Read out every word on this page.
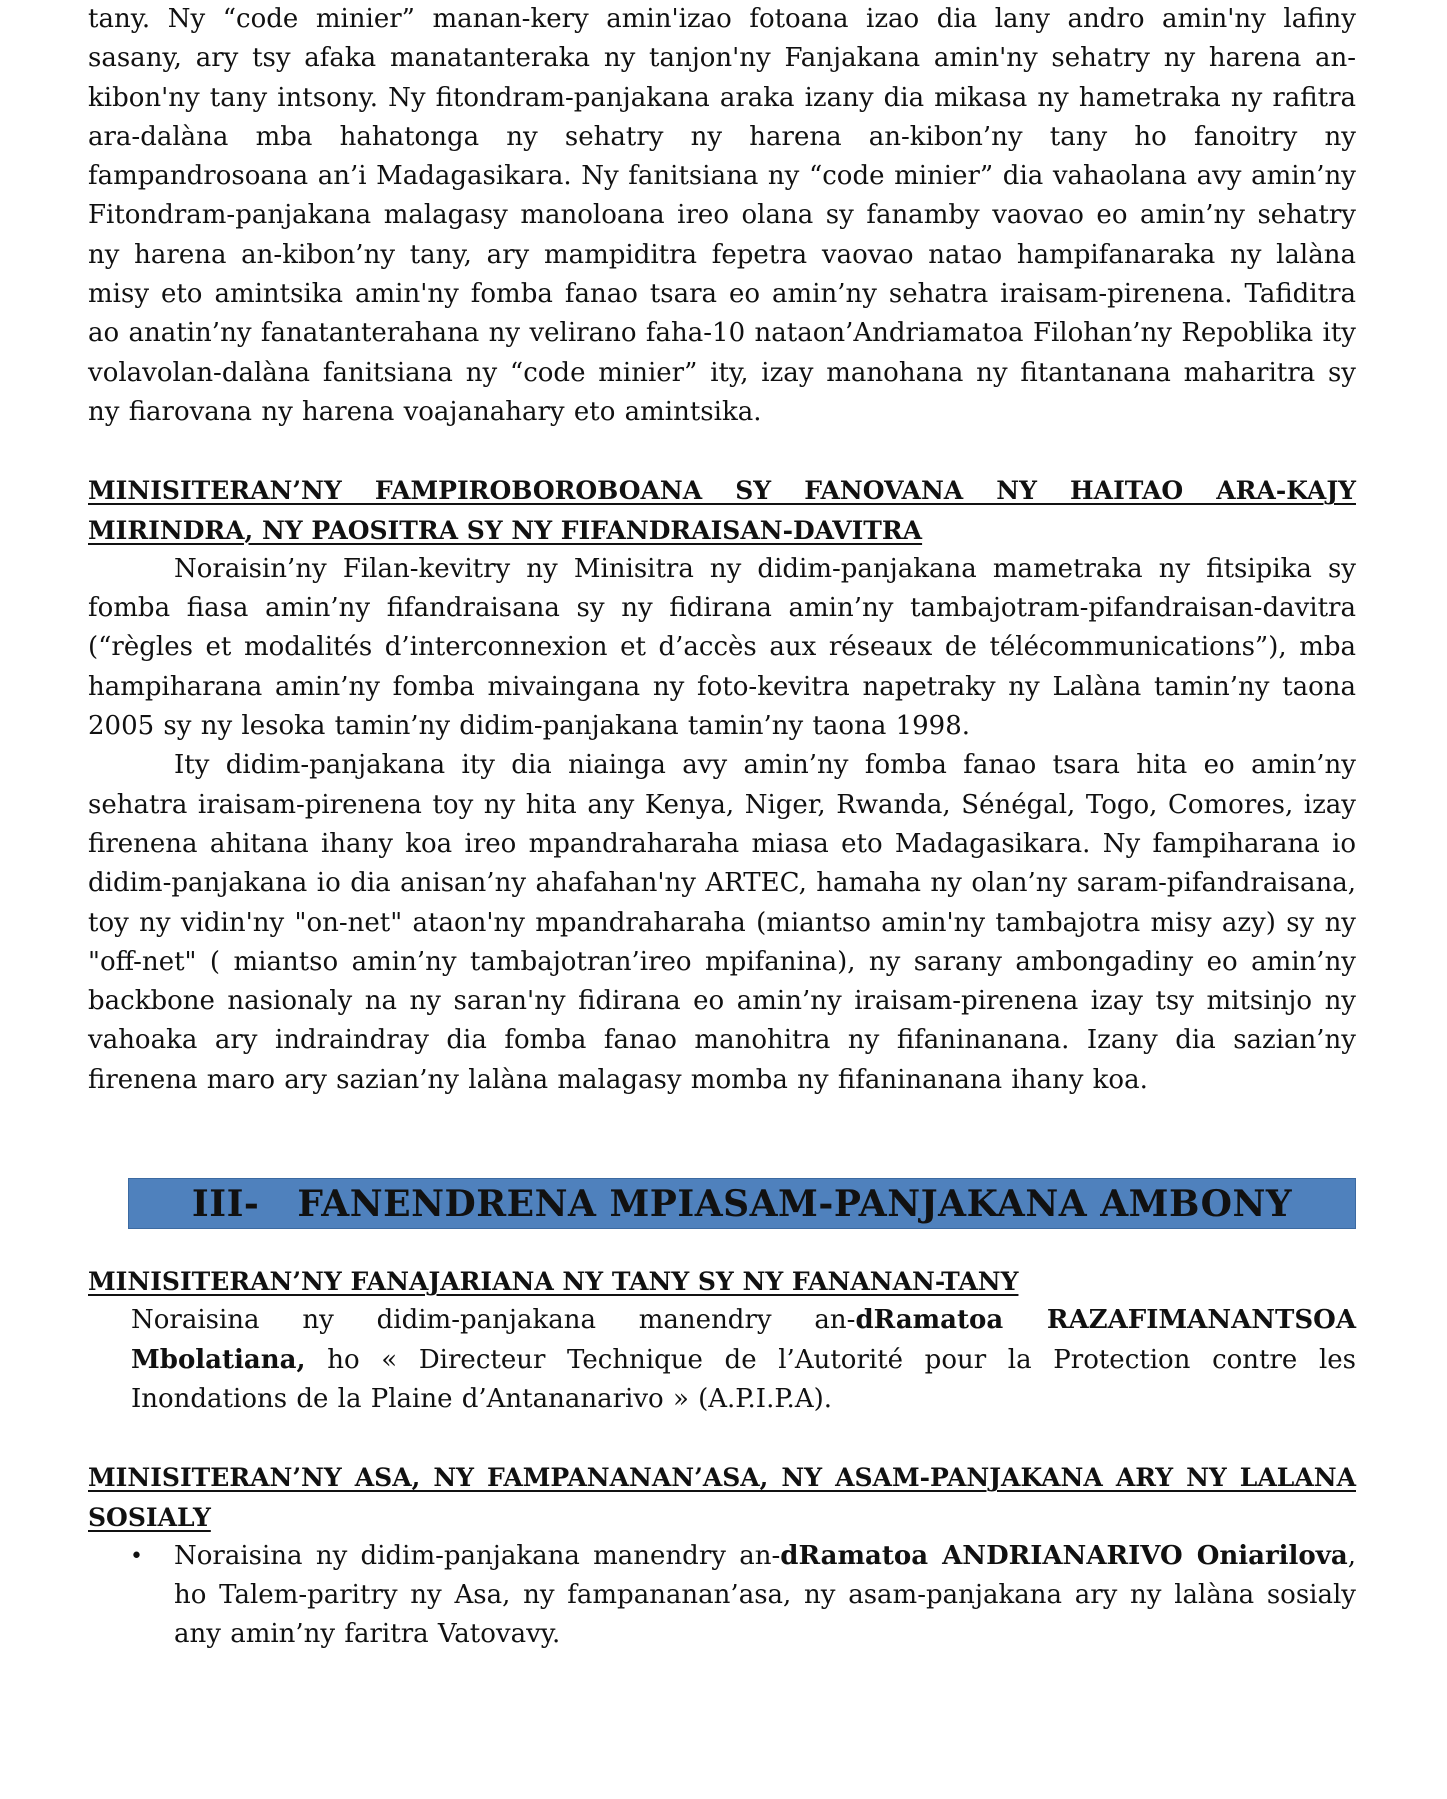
tany. Ny “code minier” manan-kery amin'izao fotoana izao dia lany andro amin'ny lafiny sasany, ary tsy afaka manatanteraka ny tanjon'ny Fanjakana amin'ny sehatry ny harena an-kibon'ny tany intsony. Ny fitondram-panjakana araka izany dia mikasa ny hametraka ny rafitra ara-dalàna mba hahatonga ny sehatry ny harena an-kibon’ny tany ho fanoitry ny fampandrosoana an’i Madagasikara. Ny fanitsiana ny “code minier” dia vahaolana avy amin’ny Fitondram-panjakana malagasy manoloana ireo olana sy fanamby vaovao eo amin’ny sehatry ny harena an-kibon’ny tany, ary mampiditra fepetra vaovao natao hampifanaraka ny lalàna misy eto amintsika amin'ny fomba fanao tsara eo amin’ny sehatra iraisam-pirenena. Tafiditra ao anatin’ny fanatanterahana ny velirano faha-10 nataon’Andriamatoa Filohan’ny Repoblika ity volavolan-dalàna fanitsiana ny “code minier” ity, izay manohana ny fitantanana maharitra sy ny fiarovana ny harena voajanahary eto amintsika.

MINISITERAN’NY FAMPIROBOROBOANA SY FANOVANA NY HAITAO ARA-KAJY MIRINDRA, NY PAOSITRA SY NY FIFANDRAISAN-DAVITRA

Noraisin’ny Filan-kevitry ny Minisitra ny didim-panjakana mametraka ny fitsipika sy fomba fiasa amin’ny fifandraisana sy ny fidirana amin’ny tambajotram-pifandraisan-davitra (“règles et modalités d’interconnexion et d’accès aux réseaux de télécommunications”), mba hampiharana amin’ny fomba mivaingana ny foto-kevitra napetraky ny Lalàna tamin’ny taona 2005 sy ny lesoka tamin’ny didim-panjakana tamin’ny taona 1998.

Ity didim-panjakana ity dia niainga avy amin’ny fomba fanao tsara hita eo amin’ny sehatra iraisam-pirenena toy ny hita any Kenya, Niger, Rwanda, Sénégal, Togo, Comores, izay firenena ahitana ihany koa ireo mpandraharaha miasa eto Madagasikara. Ny fampiharana io didim-panjakana io dia anisan’ny ahafahan'ny ARTEC, hamaha ny olan’ny saram-pifandraisana, toy ny vidin'ny "on-net" ataon'ny mpandraharaha (miantso amin'ny tambajotra misy azy) sy ny "off-net" ( miantso amin’ny tambajotran’ireo mpifanina), ny sarany ambongadiny eo amin’ny backbone nasionaly na ny saran'ny fidirana eo amin’ny iraisam-pirenena izay tsy mitsinjo ny vahoaka ary indraindray dia fomba fanao manohitra ny fifaninanana. Izany dia sazian’ny firenena maro ary sazian’ny lalàna malagasy momba ny fifaninanana ihany koa.

III- FANENDRENA MPIASAM-PANJAKANA AMBONY
MINISITERAN’NY FANAJARIANA NY TANY SY NY FANANAN-TANY

Noraisina ny didim-panjakana manendry an-dRamatoa RAZAFIMANANTSOA Mbolatiana, ho « Directeur Technique de l’Autorité pour la Protection contre les Inondations de la Plaine d’Antananarivo » (A.P.I.P.A).

MINISITERAN’NY ASA, NY FAMPANANAN’ASA, NY ASAM-PANJAKANA ARY NY LALANA SOSIALY
• Noraisina ny didim-panjakana manendry an-dRamatoa ANDRIANARIVO Oniarilova, ho Talem-paritry ny Asa, ny fampananan’asa, ny asam-panjakana ary ny lalàna sosialy any amin’ny faritra Vatovavy.
